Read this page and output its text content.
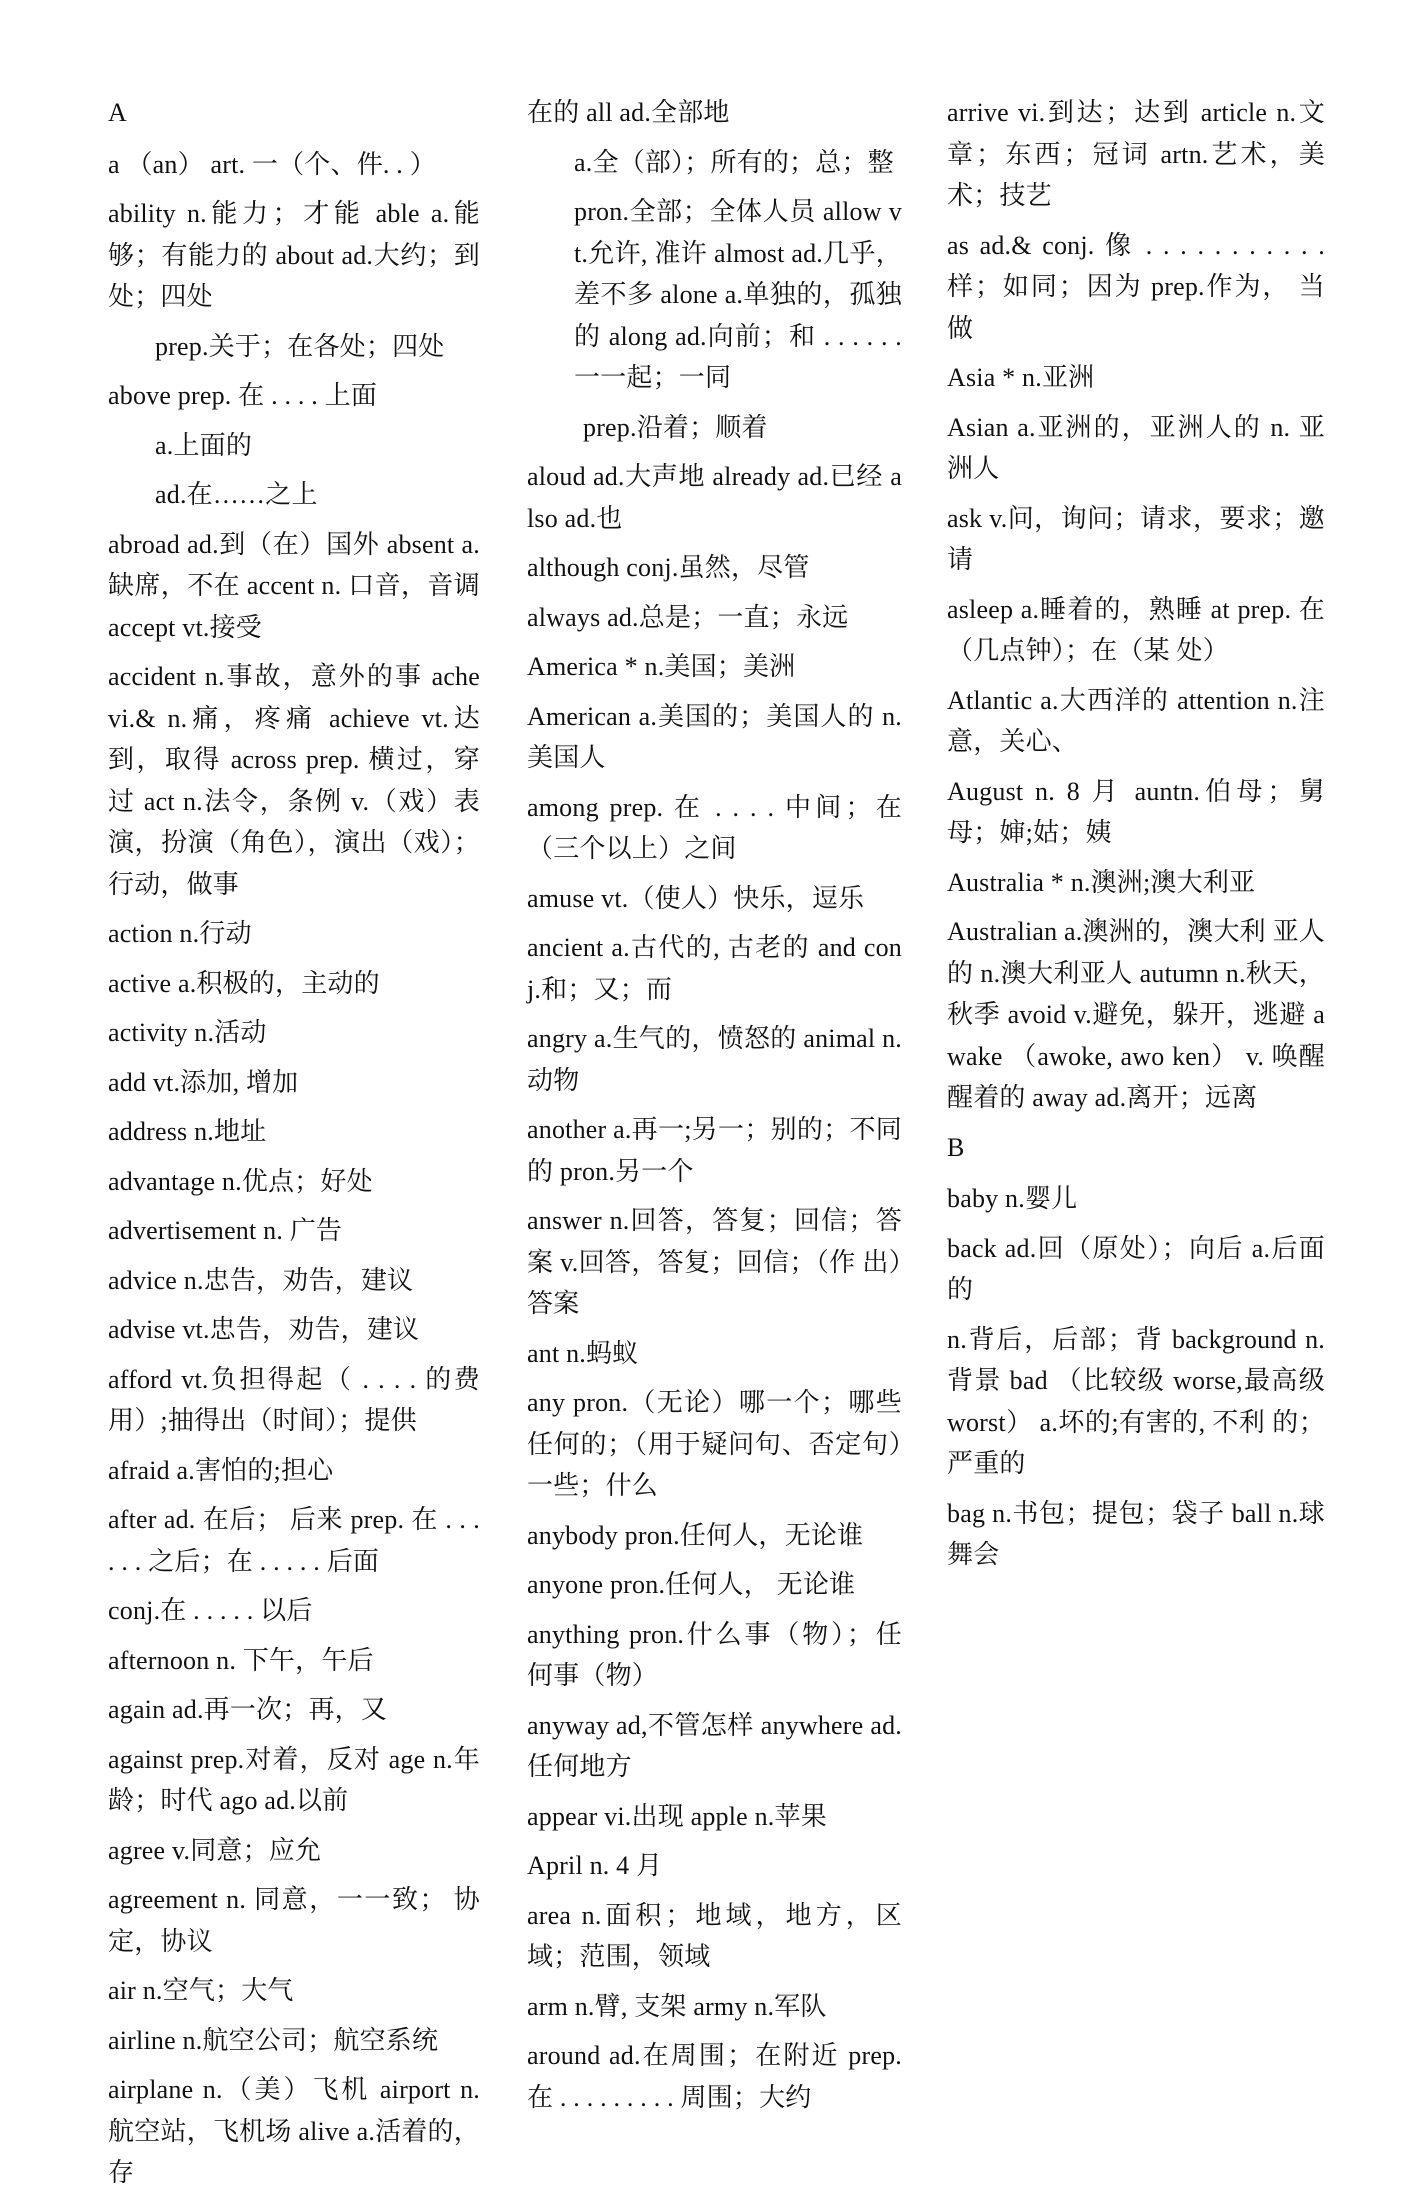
A

a （an） art. 一（个、件. . ）

ability n.能力；才能 able a.能够；有能力的 about ad.大约；到处；四处

prep.关于；在各处；四处

above prep. 在 . . . . 上面

a.上面的

ad.在……之上

abroad ad.到（在）国外 absent a.缺席，不在 accent n. 口音，音调 accept vt.接受

accident n.事故，意外的事 ache vi.& n.痛，疼痛 achieve vt.达到，取得 across prep. 横过，穿过 act n.法令，条例 v.（戏）表演，扮演（角色），演出（戏）； 行动，做事

action n.行动

active a.积极的，主动的

activity n.活动

add vt.添加, 增加

address n.地址

advantage n.优点；好处

advertisement n. 广告

advice n.忠告，劝告，建议

advise vt.忠告，劝告，建议

afford vt.负担得起（ . . . . 的费用）;抽得出（时间）；提供

afraid a.害怕的;担心

after ad. 在后； 后来 prep. 在 . . . . . . 之后；在 . . . . . 后面

conj.在 . . . . . 以后

afternoon n. 下午，午后

again ad.再一次；再，又

against prep.对着，反对 age n.年龄；时代 ago ad.以前

agree v.同意；应允

agreement n. 同意，一一致； 协定，协议

air n.空气；大气

airline n.航空公司；航空系统

airplane n.（美）飞机 airport n.航空站，飞机场 alive a.活着的，存

在的 all ad.全部地

a.全（部）；所有的；总；整

pron.全部；全体人员 allow vt.允许, 准许 almost ad.几乎，差不多 alone a.单独的，孤独的 along ad.向前；和 . . . . . . 一一起；一同

prep.沿着；顺着

aloud ad.大声地 already ad.已经 also ad.也

although conj.虽然，尽管

always ad.总是；一直；永远

America * n.美国；美洲

American a.美国的；美国人的 n.美国人

among prep. 在 . . . . 中间；在（三个以上）之间

amuse vt.（使人）快乐，逗乐

ancient a.古代的, 古老的 and conj.和；又；而

angry a.生气的，愤怒的 animal n.动物

another a.再一;另一；别的；不同的 pron.另一个

answer n.回答，答复；回信；答案 v.回答，答复；回信；（作 出）答案

ant n.蚂蚁

any pron.（无论）哪一个；哪些任何的；（用于疑问句、否定句）一些；什么

anybody pron.任何人，无论谁

anyone pron.任何人， 无论谁

anything pron.什么事（物）；任何事（物）

anyway ad,不管怎样 anywhere ad. 任何地方

appear vi.出现 apple n.苹果

April n. 4 月

area n.面积；地域，地方，区域；范围，领域

arm n.臂, 支架 army n.军队

around ad.在周围；在附近 prep. 在 . . . . . . . . . 周围；大约

arrive vi.到达；达到 article n.文章；东西；冠词 artn.艺术，美术；技艺

as ad.& conj. 像 . . . . . . . . . . . 样；如同；因为 prep.作为， 当做

Asia * n.亚洲

Asian a.亚洲的，亚洲人的 n. 亚洲人

ask v.问，询问；请求，要求；邀请

asleep a.睡着的，熟睡 at prep. 在（几点钟）；在（某 处）

Atlantic a.大西洋的 attention n.注意，关心、

August n. 8 月 auntn.伯母；舅母；婶;姑；姨

Australia * n.澳洲;澳大利亚

Australian a.澳洲的，澳大利 亚人的 n.澳大利亚人 autumn n.秋天，秋季 avoid v.避免，躲开，逃避 awake （awoke, awo ken） v. 唤醒醒着的 away ad.离开；远离

B

baby n.婴儿

back ad.回（原处）；向后 a.后面的

n.背后，后部；背 background n.背景 bad （比较级 worse,最高级 worst） a.坏的;有害的, 不利 的；严重的

bag n.书包；提包；袋子 ball n.球舞会
